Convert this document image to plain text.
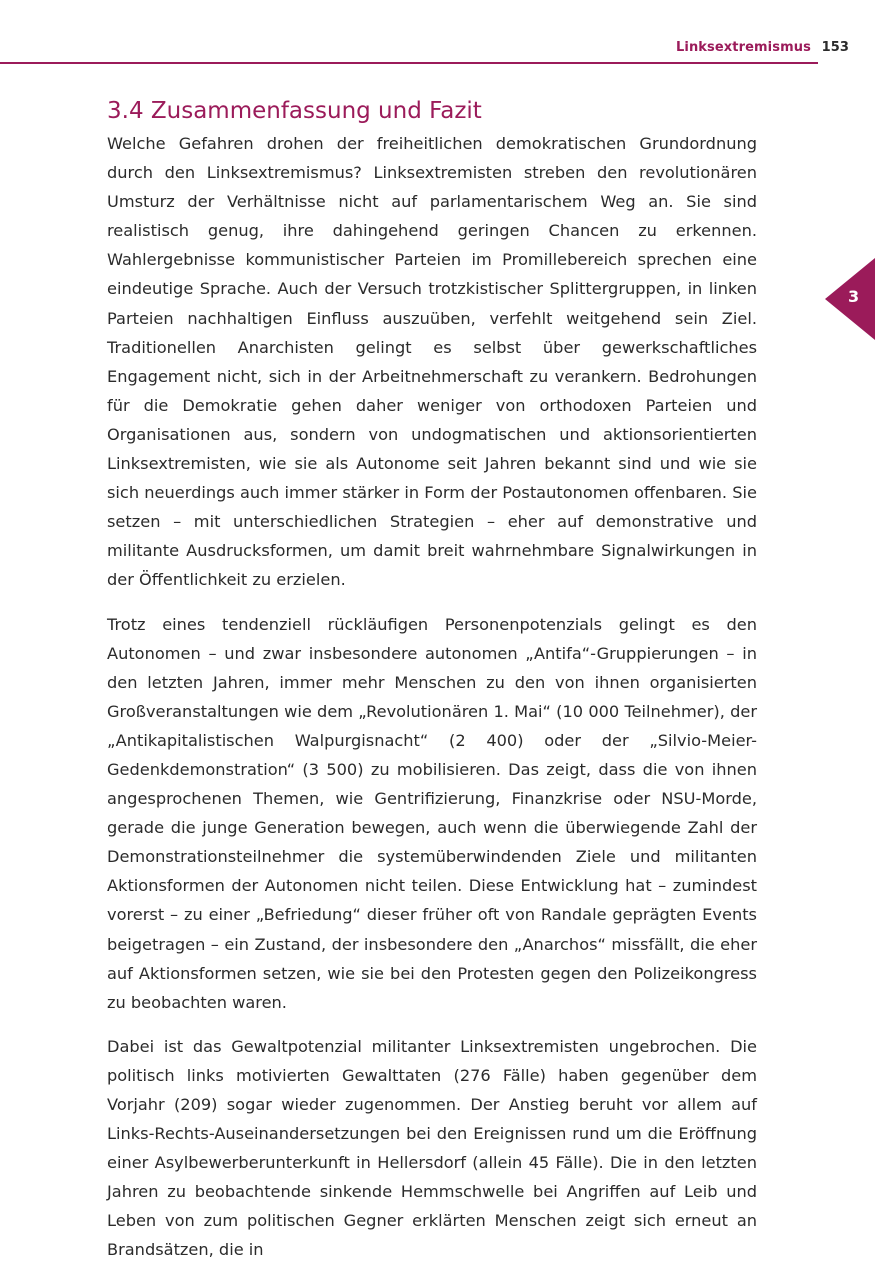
Linksextremismus 153
3
3.4 Zusammenfassung und Fazit

Welche Gefahren drohen der freiheitlichen demokratischen Grundordnung durch den Linksextremismus? Linksextremisten streben den revolutionären Umsturz der Verhältnisse nicht auf parlamentarischem Weg an. Sie sind realistisch genug, ihre dahingehend geringen Chancen zu erkennen. Wahlergebnisse kommunistischer Parteien im Promillebereich sprechen eine eindeutige Sprache. Auch der Versuch trotzkistischer Splittergruppen, in linken Parteien nachhaltigen Einfluss auszuüben, verfehlt weitgehend sein Ziel. Traditionellen Anarchisten gelingt es selbst über gewerkschaftliches Engagement nicht, sich in der Arbeitnehmerschaft zu verankern. Bedrohungen für die Demokratie gehen daher weniger von orthodoxen Parteien und Organisationen aus, sondern von undogmatischen und aktionsorientierten Linksextremisten, wie sie als Autonome seit Jahren bekannt sind und wie sie sich neuerdings auch immer stärker in Form der Postautonomen offenbaren. Sie setzen – mit unterschiedlichen Strategien – eher auf demonstrative und militante Ausdrucksformen, um damit breit wahrnehmbare Signalwirkungen in der Öffentlichkeit zu erzielen.

Trotz eines tendenziell rückläufigen Personenpotenzials gelingt es den Autonomen – und zwar insbesondere autonomen „Antifa“-Gruppierungen – in den letzten Jahren, immer mehr Menschen zu den von ihnen organisierten Großveranstaltungen wie dem „Revolutionären 1. Mai“ (10 000 Teilnehmer), der „Antikapitalistischen Walpurgisnacht“ (2 400) oder der „Silvio-Meier-Gedenkdemonstration“ (3 500) zu mobilisieren. Das zeigt, dass die von ihnen angesprochenen Themen, wie Gentrifizierung, Finanzkrise oder NSU-Morde, gerade die junge Generation bewegen, auch wenn die überwiegende Zahl der Demonstrationsteilnehmer die systemüberwindenden Ziele und militanten Aktionsformen der Autonomen nicht teilen. Diese Entwicklung hat – zumindest vorerst – zu einer „Befriedung“ dieser früher oft von Randale geprägten Events beigetragen – ein Zustand, der insbesondere den „Anarchos“ missfällt, die eher auf Aktionsformen setzen, wie sie bei den Protesten gegen den Polizeikongress zu beobachten waren.

Dabei ist das Gewaltpotenzial militanter Linksextremisten ungebrochen. Die politisch links motivierten Gewalttaten (276 Fälle) haben gegenüber dem Vorjahr (209) sogar wieder zugenommen. Der Anstieg beruht vor allem auf Links-Rechts-Auseinandersetzungen bei den Ereignissen rund um die Eröffnung einer Asylbewerberunterkunft in Hellersdorf (allein 45 Fälle). Die in den letzten Jahren zu beobachtende sinkende Hemmschwelle bei Angriffen auf Leib und Leben von zum politischen Gegner erklärten Menschen zeigt sich erneut an Brandsätzen, die in
